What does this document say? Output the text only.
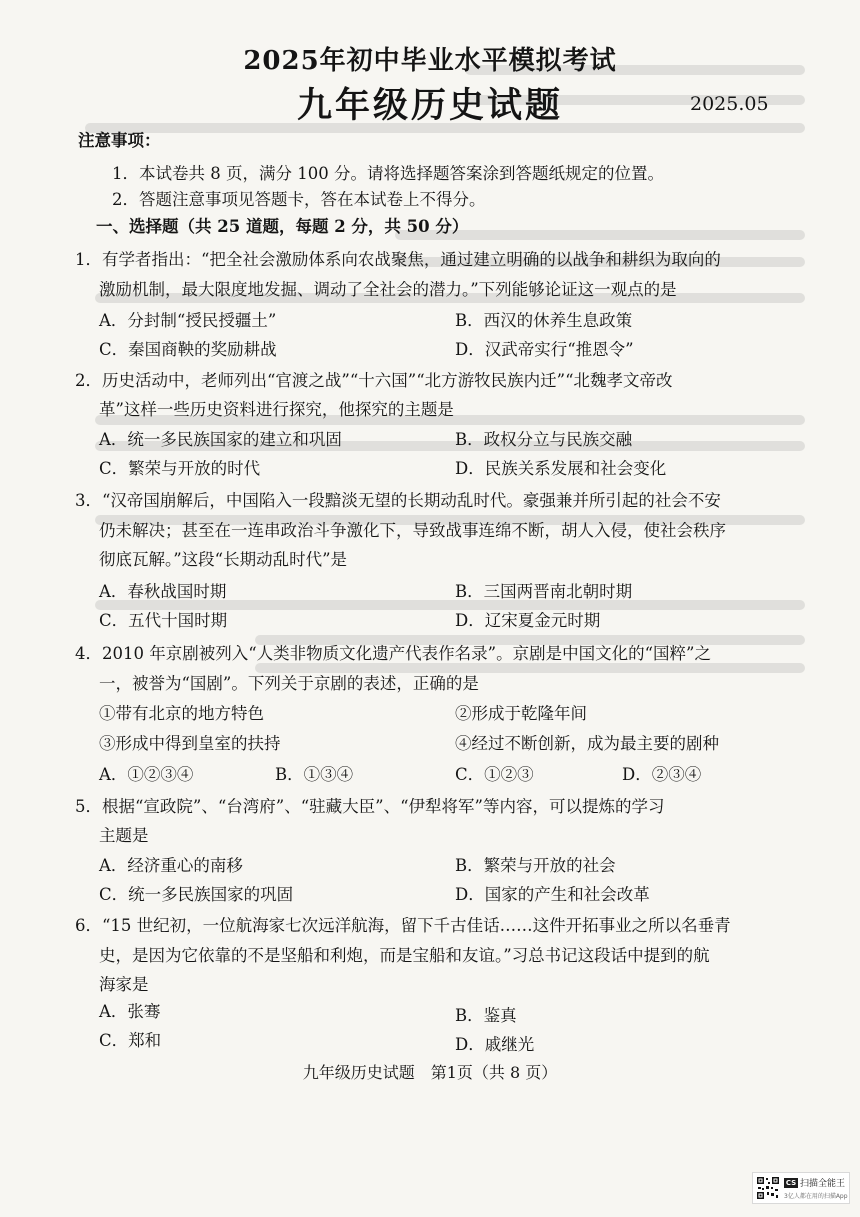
2025年初中毕业水平模拟考试
九年级历史试题	2025.05
注意事项：
1．本试卷共 8 页，满分 100 分。请将选择题答案涂到答题纸规定的位置。
2．答题注意事项见答题卡，答在本试卷上不得分。
一、选择题（共 25 道题，每题 2 分，共 50 分）
1．有学者指出：“把全社会激励体系向农战聚焦，通过建立明确的以战争和耕织为取向的
激励机制，最大限度地发掘、调动了全社会的潜力。”下列能够论证这一观点的是
A．分封制“授民授疆土”	B．西汉的休养生息政策
C．秦国商鞅的奖励耕战	D．汉武帝实行“推恩令”
2．历史活动中，老师列出“官渡之战”“十六国”“北方游牧民族内迁”“北魏孝文帝改
革”这样一些历史资料进行探究，他探究的主题是
A．统一多民族国家的建立和巩固	B．政权分立与民族交融
C．繁荣与开放的时代	D．民族关系发展和社会变化
3．“汉帝国崩解后，中国陷入一段黯淡无望的长期动乱时代。豪强兼并所引起的社会不安
仍未解决；甚至在一连串政治斗争激化下，导致战事连绵不断，胡人入侵，使社会秩序
彻底瓦解。”这段“长期动乱时代”是
A．春秋战国时期	B．三国两晋南北朝时期
C．五代十国时期	D．辽宋夏金元时期
4．2010 年京剧被列入“人类非物质文化遗产代表作名录”。京剧是中国文化的“国粹”之
一，被誉为“国剧”。下列关于京剧的表述，正确的是
①带有北京的地方特色	②形成于乾隆年间
③形成中得到皇室的扶持	④经过不断创新，成为最主要的剧种
A．①②③④	B．①③④	C．①②③	D．②③④
5．根据“宣政院”、“台湾府”、“驻藏大臣”、“伊犁将军”等内容，可以提炼的学习
主题是
A．经济重心的南移	B．繁荣与开放的社会
C．统一多民族国家的巩固	D．国家的产生和社会改革
6．“15 世纪初，一位航海家七次远洋航海，留下千古佳话……这件开拓事业之所以名垂青
史，是因为它依靠的不是坚船和利炮，而是宝船和友谊。”习总书记这段话中提到的航
海家是
A．张骞	B．鉴真
C．郑和	D．戚继光
九年级历史试题　第1页（共 8 页）
CS 扫描全能王
3亿人都在用的扫描App
